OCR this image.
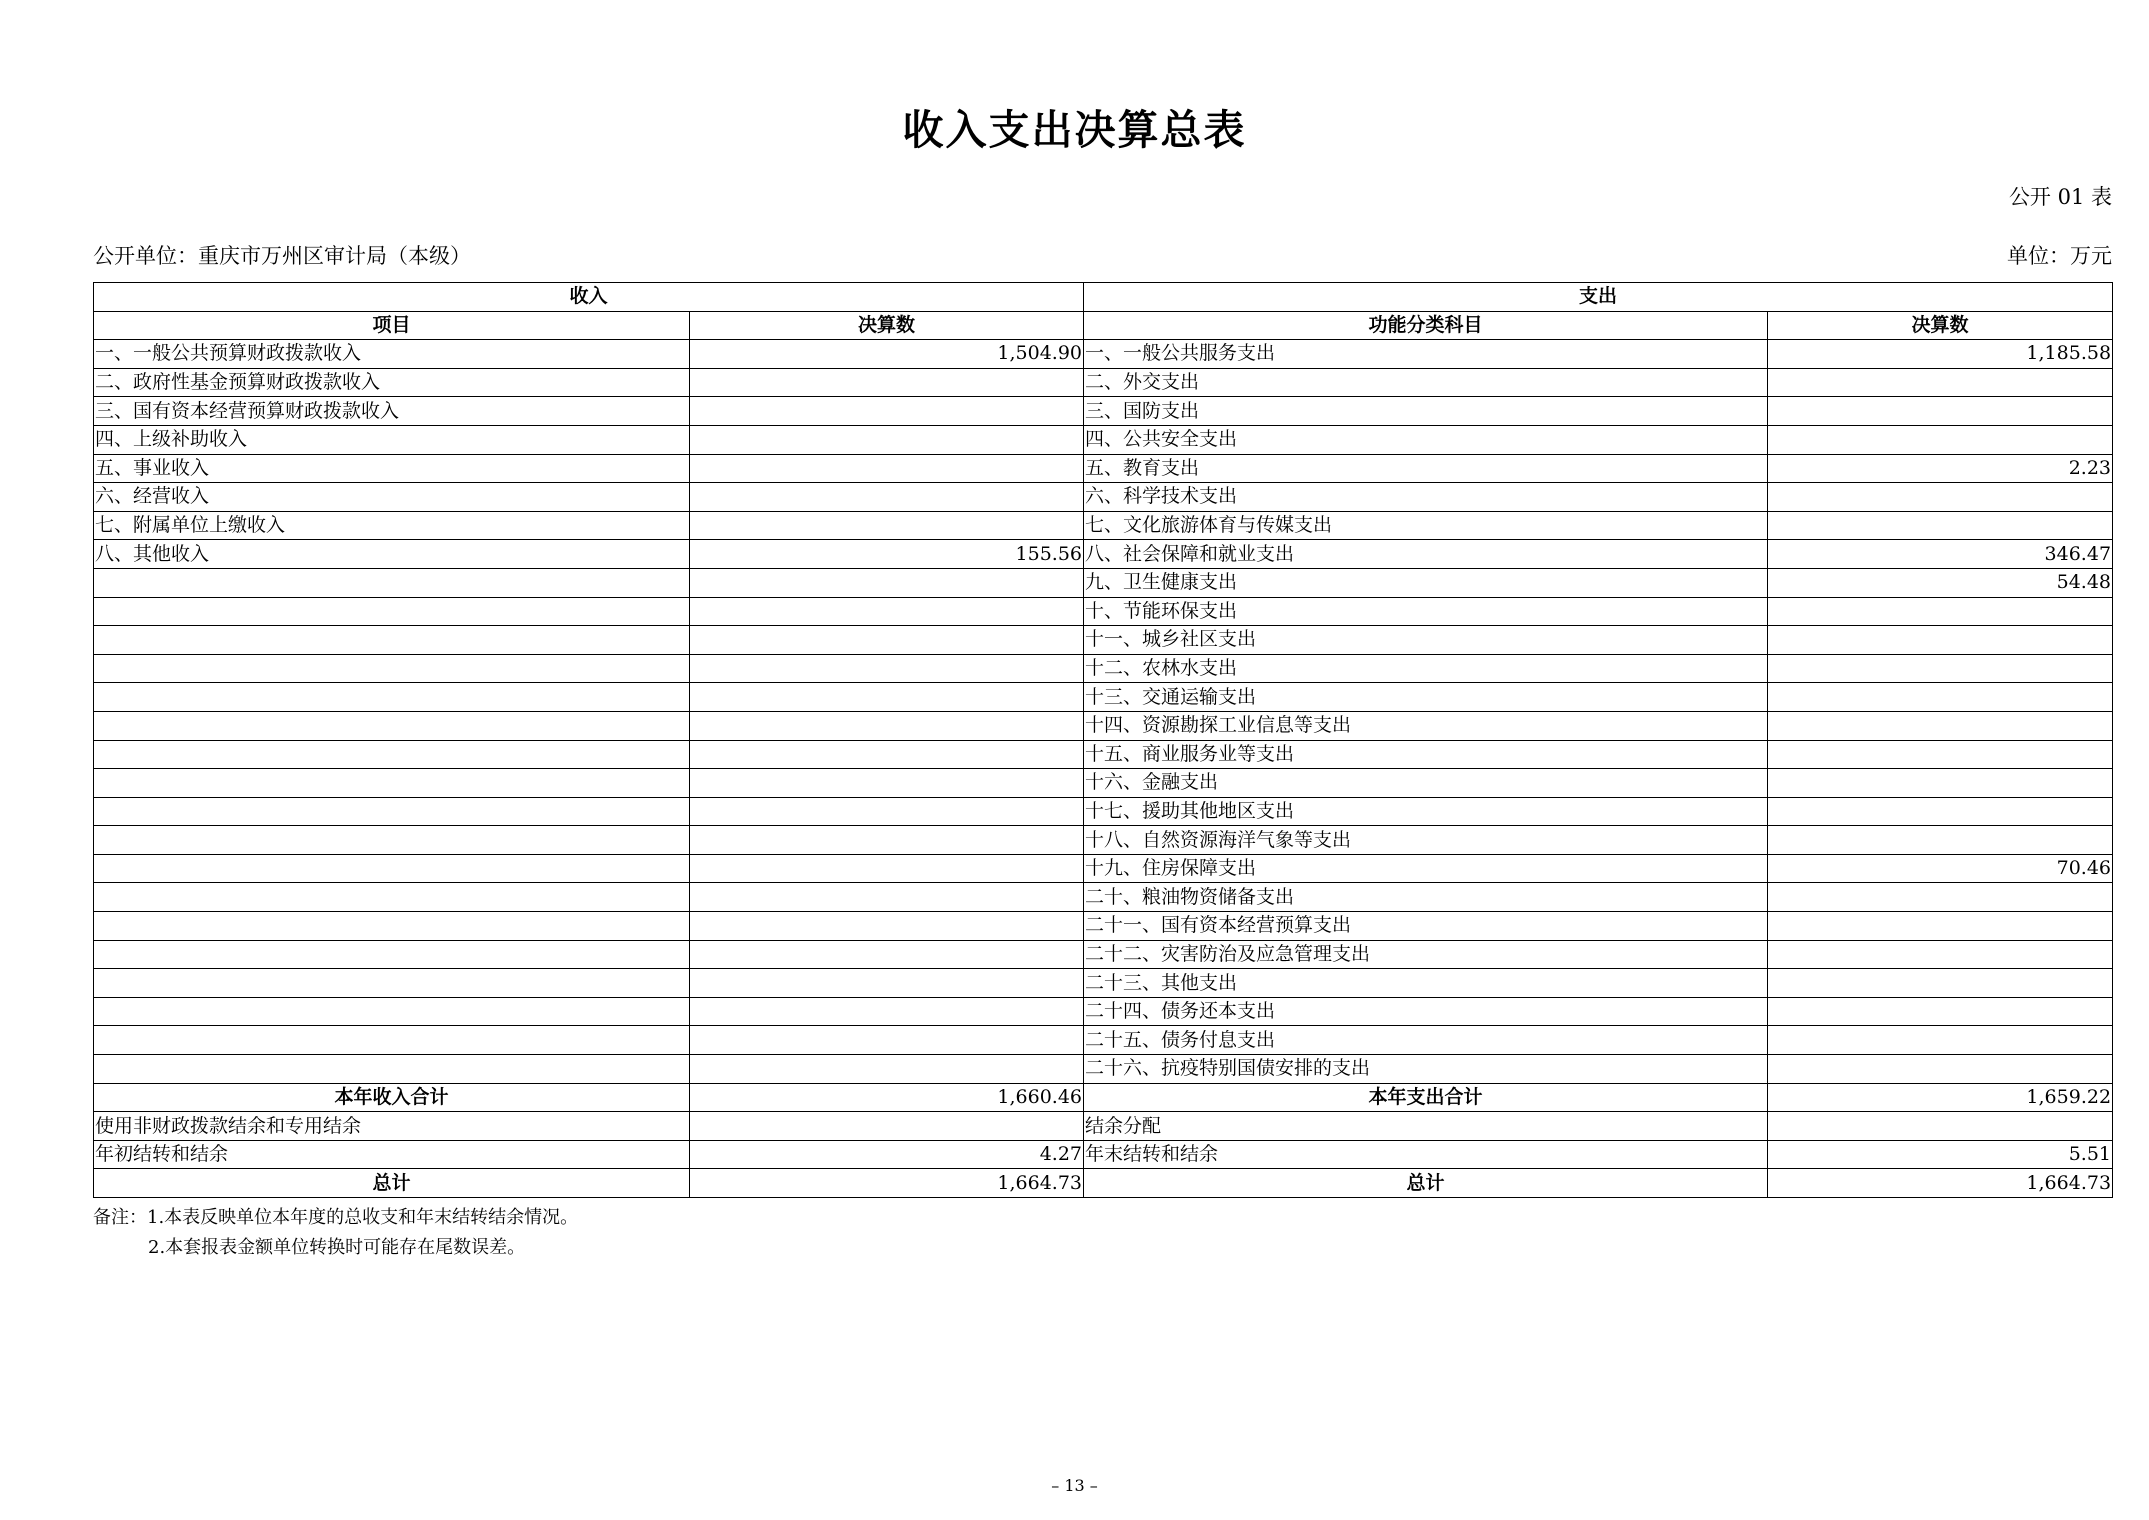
收入支出决算总表
公开 01 表
公开单位：重庆市万州区审计局（本级）	单位：万元
收入		支出	
项目	决算数	功能分类科目	决算数
一、一般公共预算财政拨款收入	1,504.90	一、一般公共服务支出	1,185.58
二、政府性基金预算财政拨款收入		二、外交支出	
三、国有资本经营预算财政拨款收入		三、国防支出	
四、上级补助收入		四、公共安全支出	
五、事业收入		五、教育支出	2.23
六、经营收入		六、科学技术支出	
七、附属单位上缴收入		七、文化旅游体育与传媒支出	
八、其他收入	155.56	八、社会保障和就业支出	346.47
		九、卫生健康支出	54.48
		十、节能环保支出	
		十一、城乡社区支出	
		十二、农林水支出	
		十三、交通运输支出	
		十四、资源勘探工业信息等支出	
		十五、商业服务业等支出	
		十六、金融支出	
		十七、援助其他地区支出	
		十八、自然资源海洋气象等支出	
		十九、住房保障支出	70.46
		二十、粮油物资储备支出	
		二十一、国有资本经营预算支出	
		二十二、灾害防治及应急管理支出	
		二十三、其他支出	
		二十四、债务还本支出	
		二十五、债务付息支出	
		二十六、抗疫特别国债安排的支出	
本年收入合计	1,660.46	本年支出合计	1,659.22
使用非财政拨款结余和专用结余		结余分配	
年初结转和结余	4.27	年末结转和结余	5.51
总计	1,664.73	总计	1,664.73
备注：1.本表反映单位本年度的总收支和年末结转结余情况。
2.本套报表金额单位转换时可能存在尾数误差。
– 13 –
